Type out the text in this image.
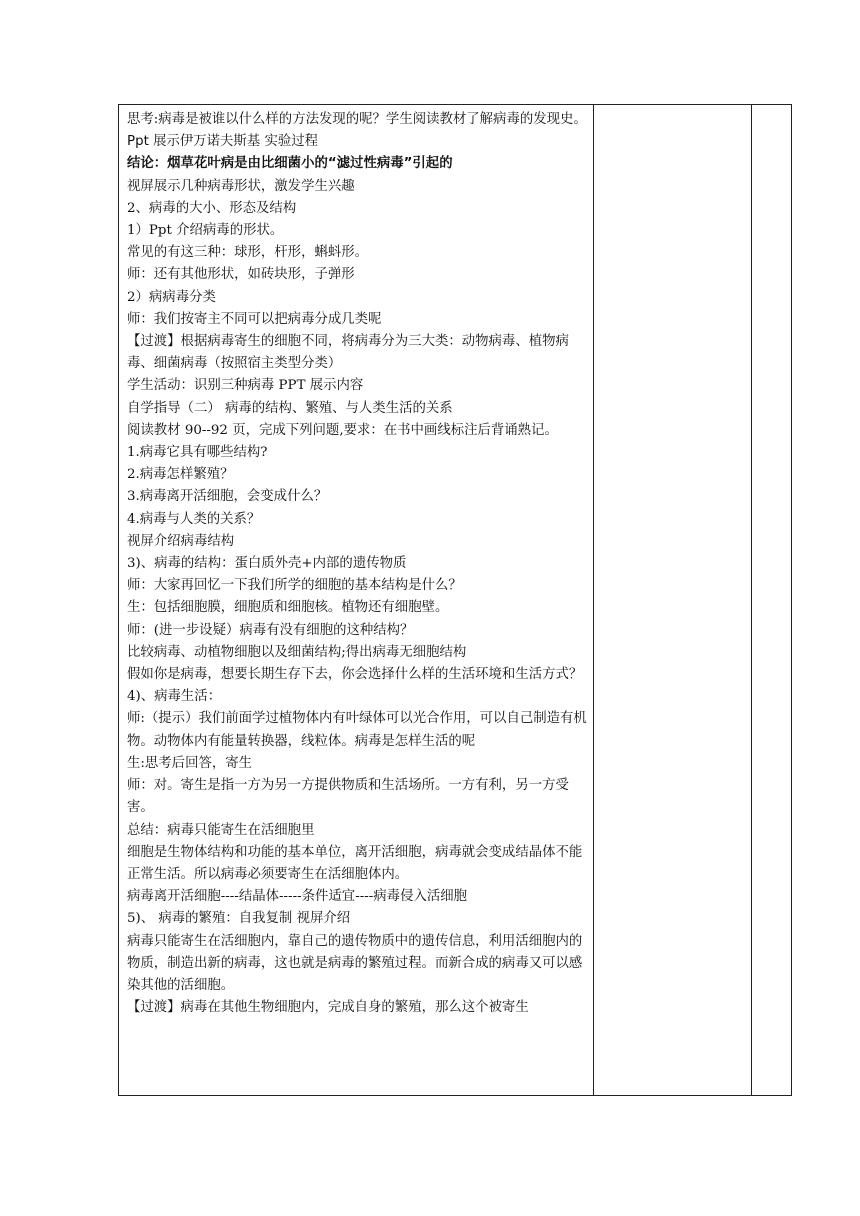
思考:病毒是被谁以什么样的方法发现的呢？学生阅读教材了解病毒的发现史。

Ppt 展示伊万诺夫斯基 实验过程

结论：烟草花叶病是由比细菌小的“滤过性病毒”引起的

视屏展示几种病毒形状，激发学生兴趣

2、病毒的大小、形态及结构

1）Ppt 介绍病毒的形状。

常见的有这三种：球形，杆形，蝌蚪形。

师：还有其他形状，如砖块形，子弹形

2）病病毒分类

师：我们按寄主不同可以把病毒分成几类呢

【过渡】根据病毒寄生的细胞不同，将病毒分为三大类：动物病毒、植物病毒、细菌病毒（按照宿主类型分类）

学生活动：识别三种病毒 PPT 展示内容

自学指导（二） 病毒的结构、繁殖、与人类生活的关系

阅读教材 90--92 页，完成下列问题,要求：在书中画线标注后背诵熟记。

1.病毒它具有哪些结构?

2.病毒怎样繁殖？

3.病毒离开活细胞，会变成什么？

4.病毒与人类的关系？

视屏介绍病毒结构

3)、病毒的结构：蛋白质外壳+内部的遗传物质

师：大家再回忆一下我们所学的细胞的基本结构是什么？

生：包括细胞膜，细胞质和细胞核。植物还有细胞壁。

师：(进一步设疑）病毒有没有细胞的这种结构？

比较病毒、动植物细胞以及细菌结构;得出病毒无细胞结构

假如你是病毒，想要长期生存下去，你会选择什么样的生活环境和生活方式？

4)、病毒生活：

师:（提示）我们前面学过植物体内有叶绿体可以光合作用，可以自己制造有机物。动物体内有能量转换器，线粒体。病毒是怎样生活的呢

生:思考后回答，寄生

师：对。寄生是指一方为另一方提供物质和生活场所。一方有利，另一方受害。

总结：病毒只能寄生在活细胞里

细胞是生物体结构和功能的基本单位，离开活细胞，病毒就会变成结晶体不能正常生活。所以病毒必须要寄生在活细胞体内。

病毒离开活细胞----结晶体-----条件适宜----病毒侵入活细胞

5)、 病毒的繁殖：自我复制 视屏介绍

病毒只能寄生在活细胞内，靠自己的遗传物质中的遗传信息，利用活细胞内的物质，制造出新的病毒，这也就是病毒的繁殖过程。而新合成的病毒又可以感染其他的活细胞。

【过渡】病毒在其他生物细胞内，完成自身的繁殖，那么这个被寄生
